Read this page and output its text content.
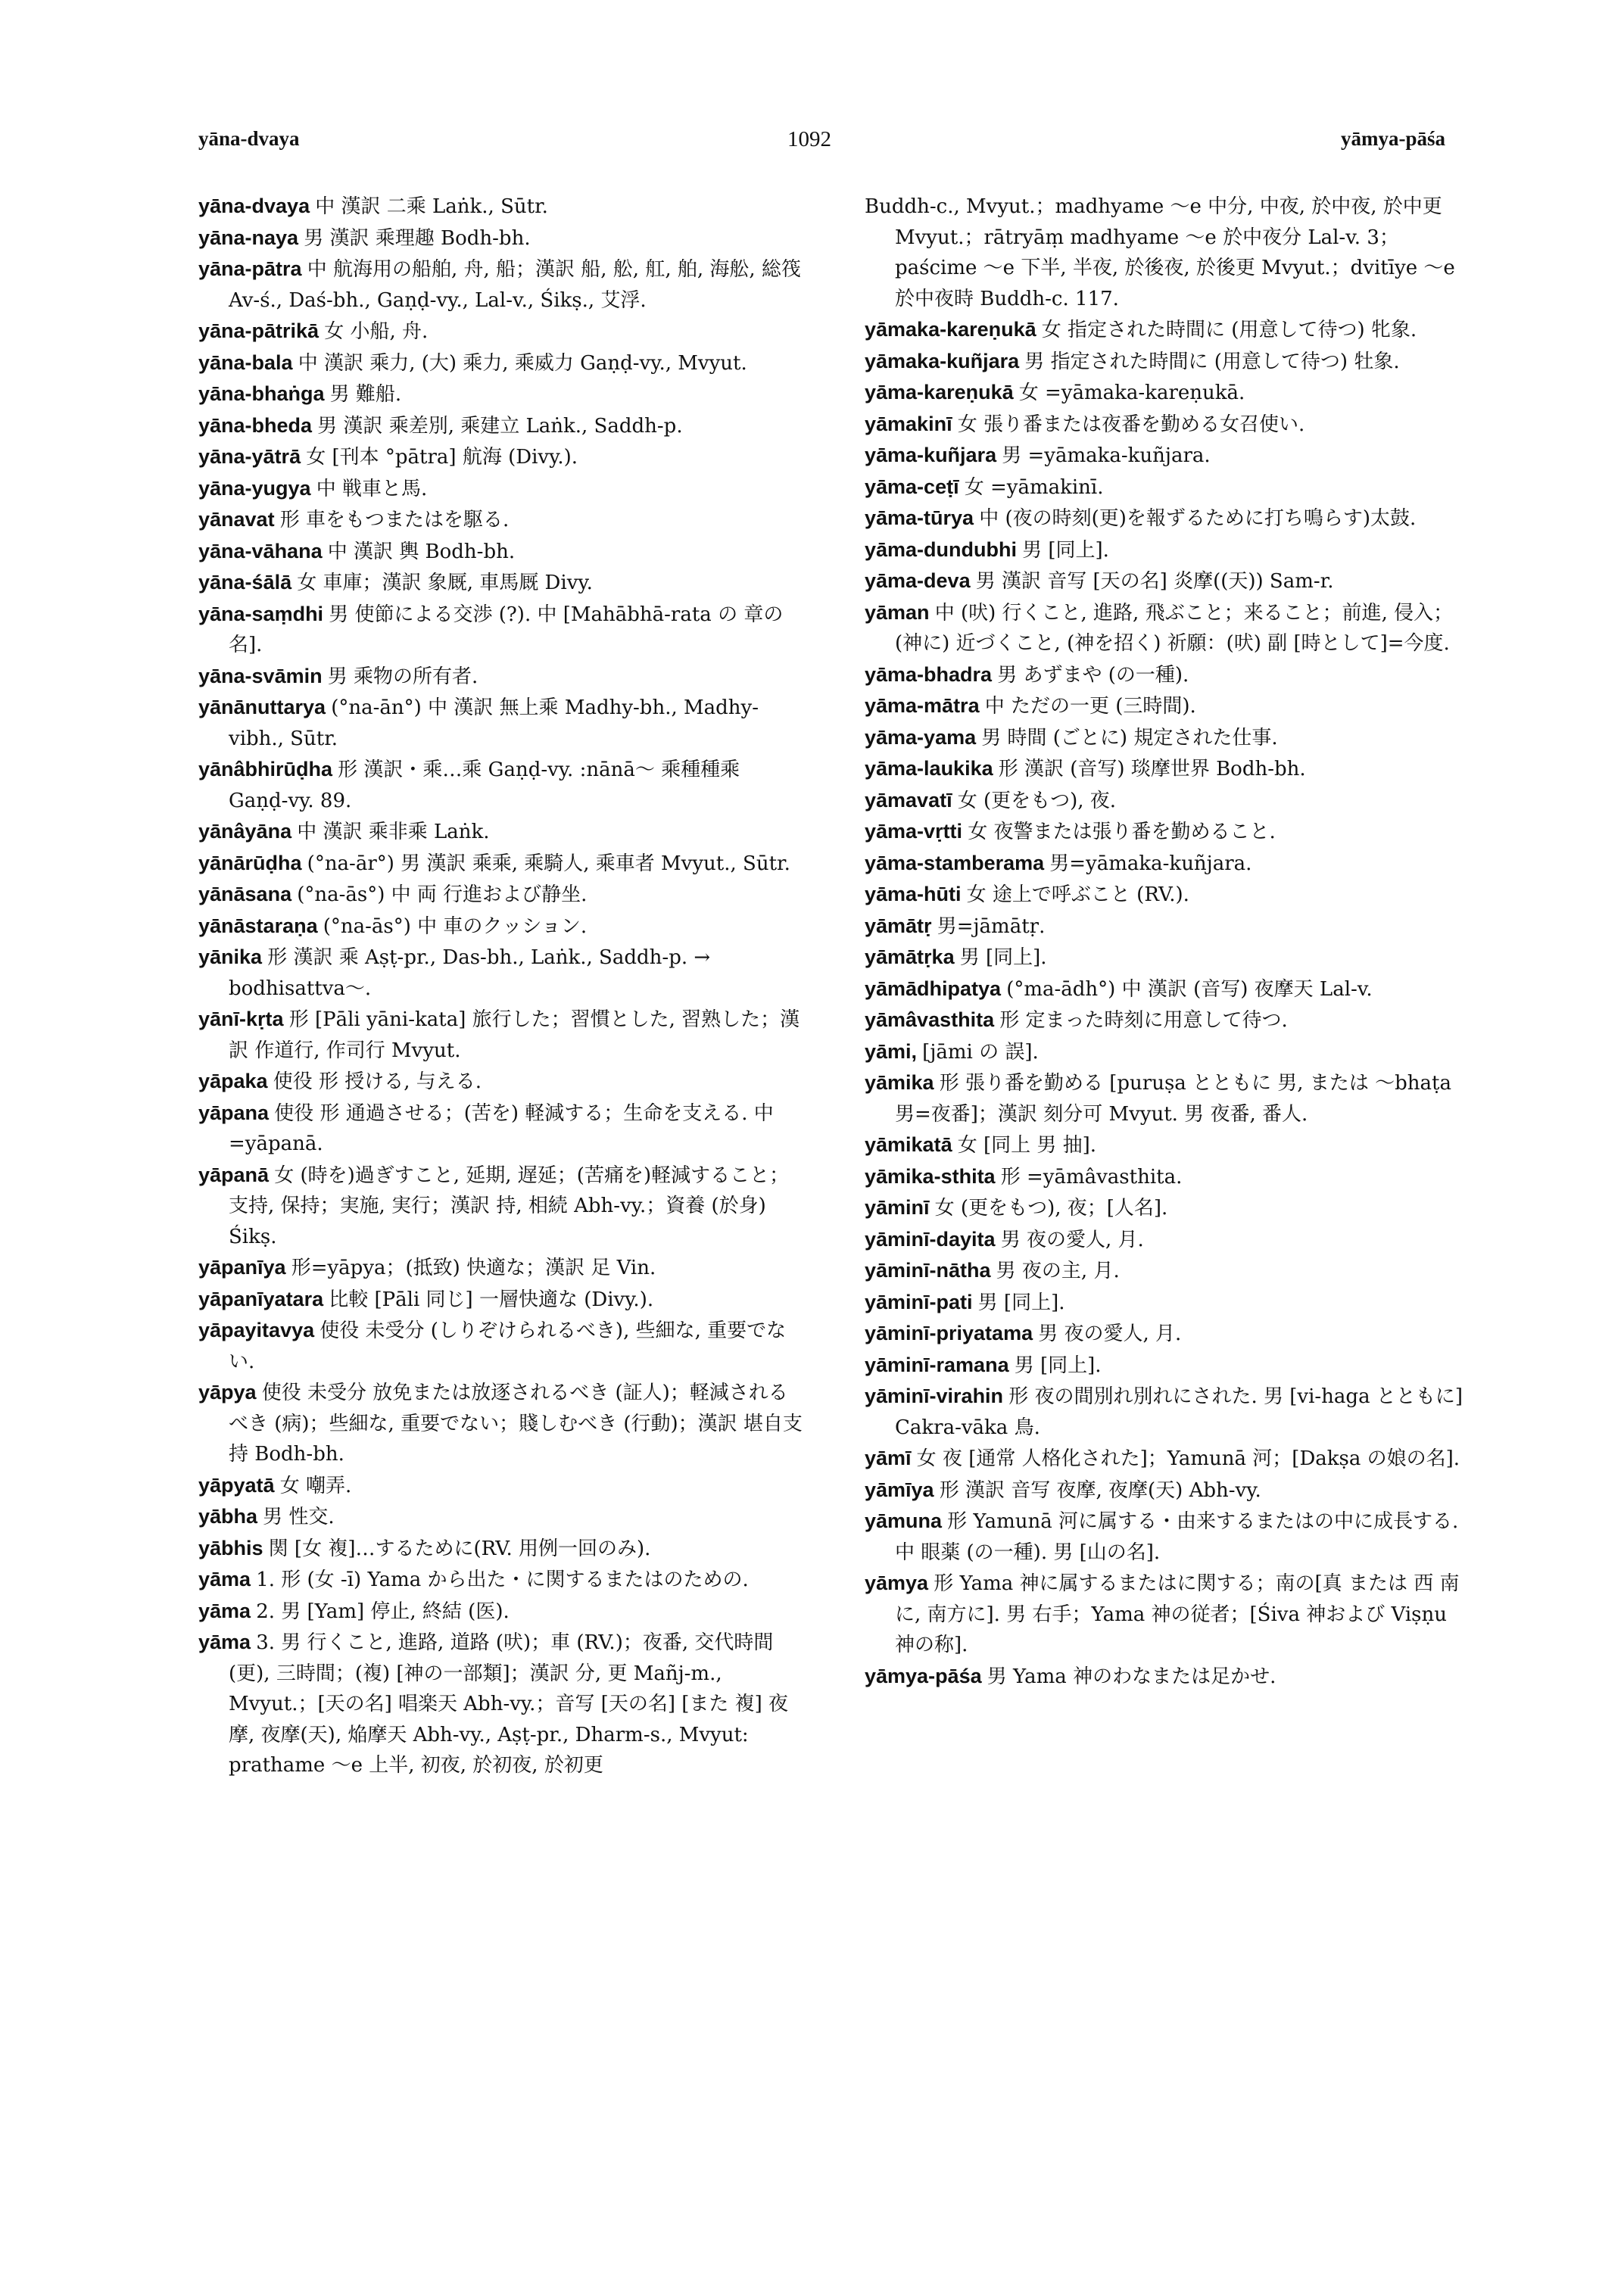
yāna-dvaya	1092	yāmya-pāśa

yāna-dvaya 中 漢訳 二乘 Laṅk., Sūtr.

yāna-naya 男 漢訳 乘理趣 Bodh-bh.

yāna-pātra 中 航海用の船舶, 舟, 船；漢訳 船, 舩, 舡, 舶, 海舩, 総筏 Av-ś., Daś-bh., Gaṇḍ-vy., Lal-v., Śikṣ., 艾浮.

yāna-pātrikā 女 小船, 舟.

yāna-bala 中 漢訳 乘力, (大) 乘力, 乘威力 Gaṇḍ-vy., Mvyut.

yāna-bhaṅga 男 難船.

yāna-bheda 男 漢訳 乘差別, 乘建立 Laṅk., Saddh-p.

yāna-yātrā 女 [刊本 °pātra] 航海 (Divy.).

yāna-yugya 中 戦車と馬.

yānavat 形 車をもつまたはを駆る.

yāna-vāhana 中 漢訳 輿 Bodh-bh.

yāna-śālā 女 車庫；漢訳 象厩, 車馬厩 Divy.

yāna-saṃdhi 男 使節による交渉 (?). 中 [Mahābhā-rata の 章の名].

yāna-svāmin 男 乘物の所有者.

yānānuttarya (°na-ān°) 中 漢訳 無上乘 Madhy-bh., Madhy-vibh., Sūtr.

yānâbhirūḍha 形 漢訳・乘…乘 Gaṇḍ-vy. :nānā～ 乘種種乘 Gaṇḍ-vy. 89.

yānâyāna 中 漢訳 乘非乘 Laṅk.

yānārūḍha (°na-ār°) 男 漢訳 乘乘, 乘騎人, 乘車者 Mvyut., Sūtr.

yānāsana (°na-ās°) 中 両 行進および静坐.

yānāstaraṇa (°na-ās°) 中 車のクッション.

yānika 形 漢訳 乘 Aṣṭ-pr., Das-bh., Laṅk., Saddh-p. → bodhisattva～.

yānī-kṛta 形 [Pāli yāni-kata] 旅行した；習慣とした, 習熟した；漢訳 作道行, 作司行 Mvyut.

yāpaka 使役 形 授ける, 与える.

yāpana 使役 形 通過させる；(苦を) 軽減する；生命を支える. 中=yāpanā.

yāpanā 女 (時を)過ぎすこと, 延期, 遅延；(苦痛を)軽減すること；支持, 保持；実施, 実行；漢訳 持, 相続 Abh-vy.；資養 (於身) Śikṣ.

yāpanīya 形=yāpya；(抵致) 快適な；漢訳 足 Vin.

yāpanīyatara 比較 [Pāli 同じ] 一層快適な (Divy.).

yāpayitavya 使役 未受分 (しりぞけられるべき), 些細な, 重要でない.

yāpya 使役 未受分 放免または放逐されるべき (証人)；軽減されるべき (病)；些細な, 重要でない；賤しむべき (行動)；漢訳 堪自支持 Bodh-bh.

yāpyatā 女 嘲弄.

yābha 男 性交.

yābhis 関 [女 複]…するために(RV. 用例一回のみ).

yāma 1. 形 (女 -ī) Yama から出た・に関するまたはのための.

yāma 2. 男 [Yam] 停止, 終結 (医).

yāma 3. 男 行くこと, 進路, 道路 (吠)；車 (RV.)；夜番, 交代時間(更), 三時間；(複) [神の一部類]；漢訳 分, 更 Mañj-m., Mvyut.；[天の名] 唱楽天 Abh-vy.；音写 [天の名] [また 複] 夜摩, 夜摩(天), 焔摩天 Abh-vy., Aṣṭ-pr., Dharm-s., Mvyut: prathame ～e 上半, 初夜, 於初夜, 於初更

Buddh-c., Mvyut.；madhyame ～e 中分, 中夜, 於中夜, 於中更 Mvyut.；rātryāṃ madhyame ～e 於中夜分 Lal-v. 3；paścime ～e 下半, 半夜, 於後夜, 於後更 Mvyut.；dvitīye ～e 於中夜時 Buddh-c. 117.

yāmaka-kareṇukā 女 指定された時間に (用意して待つ) 牝象.

yāmaka-kuñjara 男 指定された時間に (用意して待つ) 牡象.

yāma-kareṇukā 女 =yāmaka-kareṇukā.

yāmakinī 女 張り番または夜番を勤める女召使い.

yāma-kuñjara 男 =yāmaka-kuñjara.

yāma-ceṭī 女 =yāmakinī.

yāma-tūrya 中 (夜の時刻(更)を報ずるために打ち鳴らす)太鼓.

yāma-dundubhi 男 [同上].

yāma-deva 男 漢訳 音写 [天の名] 炎摩((天)) Sam-r.

yāman 中 (吠) 行くこと, 進路, 飛ぶこと；来ること；前進, 侵入；(神に) 近づくこと, (神を招く) 祈願：(吠) 副 [時として]=今度.

yāma-bhadra 男 あずまや (の一種).

yāma-mātra 中 ただの一更 (三時間).

yāma-yama 男 時間 (ごとに) 規定された仕事.

yāma-laukika 形 漢訳 (音写) 琰摩世界 Bodh-bh.

yāmavatī 女 (更をもつ), 夜.

yāma-vṛtti 女 夜警または張り番を勤めること.

yāma-stamberama 男=yāmaka-kuñjara.

yāma-hūti 女 途上で呼ぶこと (RV.).

yāmātṛ 男=jāmātṛ.

yāmātṛka 男 [同上].

yāmādhipatya (°ma-ādh°) 中 漢訳 (音写) 夜摩天 Lal-v.

yāmâvasthita 形 定まった時刻に用意して待つ.

yāmi, [jāmi の 誤].

yāmika 形 張り番を勤める [puruṣa とともに 男, または ～bhaṭa 男=夜番]；漢訳 刻分可 Mvyut. 男 夜番, 番人.

yāmikatā 女 [同上 男 抽].

yāmika-sthita 形 =yāmâvasthita.

yāminī 女 (更をもつ), 夜；[人名].

yāminī-dayita 男 夜の愛人, 月.

yāminī-nātha 男 夜の主, 月.

yāminī-pati 男 [同上].

yāminī-priyatama 男 夜の愛人, 月.

yāminī-ramana 男 [同上].

yāminī-virahin 形 夜の間別れ別れにされた. 男 [vi-haga とともに] Cakra-vāka 鳥.

yāmī 女 夜 [通常 人格化された]；Yamunā 河；[Dakṣa の娘の名].

yāmīya 形 漢訳 音写 夜摩, 夜摩(天) Abh-vy.

yāmuna 形 Yamunā 河に属する・由来するまたはの中に成長する. 中 眼薬 (の一種). 男 [山の名].

yāmya 形 Yama 神に属するまたはに関する；南の[真 または 西 南に, 南方に]. 男 右手；Yama 神の従者；[Śiva 神および Viṣṇu 神の称].

yāmya-pāśa 男 Yama 神のわなまたは足かせ.
